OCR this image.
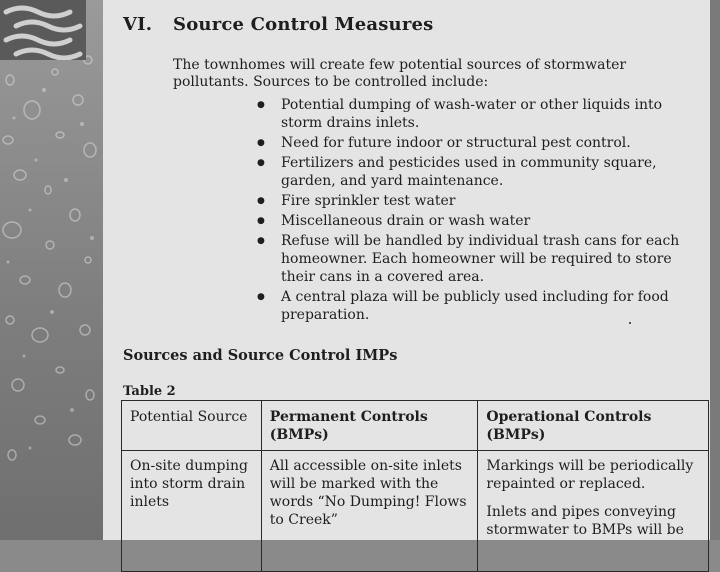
VI. Source Control Measures
The townhomes will create few potential sources of stormwater pollutants. Sources to be controlled include:
● Potential dumping of wash-water or other liquids into storm drains inlets.
● Need for future indoor or structural pest control.
● Fertilizers and pesticides used in community square, garden, and yard maintenance.
● Fire sprinkler test water
● Miscellaneous drain or wash water
● Refuse will be handled by individual trash cans for each homeowner. Each homeowner will be required to store their cans in a covered area.
● A central plaza will be publicly used including for food preparation.
Sources and Source Control IMPs
Table 2
Potential Source	Permanent Controls (BMPs)	Operational Controls (BMPs)
On-site dumping into storm drain inlets	All accessible on-site inlets will be marked with the words “No Dumping! Flows to Creek”	Markings will be periodically repainted or replaced.

Inlets and pipes conveying stormwater to BMPs will be
